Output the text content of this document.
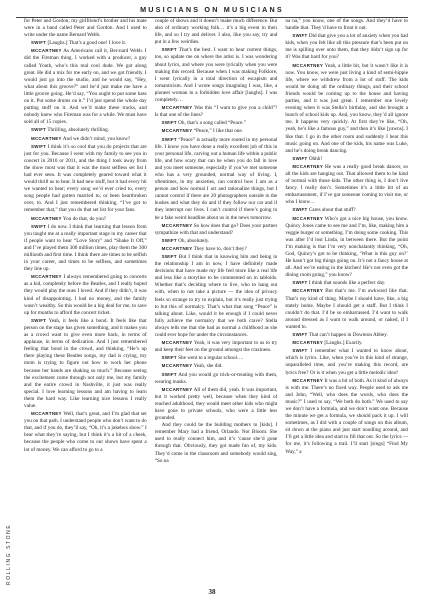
MUSICIANS ON MUSICIANS

for Peter and Gordon; my girlfriend’s brother and his mate were in a band called Peter and Gordon. And I used to write under the name Bernard Webb.

SWIFT [Laughs.] That’s a good one! I love it.

MCCARTNEY As Americans call it, Ber-nard Webb. I did the Fireman thing. I worked with a producer, a guy called Youth, who’s this real cool dude. We got along great. He did a mix for me early on, and we got friendly. I would just go into the studio, and he would say, “Hey, what about this groove?” and he’d just make me have a little groove going. He’d say, “You ought to put some bass on it. Put some drums on it.” I’d just spend the whole day putting stuff on it. And we’d make these tracks, and nobody knew who Fireman was for a while. We must have sold all of 15 copies.

SWIFT Thrilling, absolutely thrilling.

MCCARTNEY And we didn’t mind, you know?

SWIFT I think it’s so cool that you do projects that are just for you. Because I went with my family to see you in concert in 2010 or 2011, and the thing I took away from the show most was that it was the most selfless set list I had ever seen. It was completely geared toward what it would thrill us to hear. It had new stuff, but it had every hit we wanted to hear; every song we’d ever cried to, every song people had gotten married to, or been heartbroken over, to. And I just remembered thinking, “I’ve got to remember that,” that you do that set list for your fans.

MCCARTNEY You do that, do you?

SWIFT I do now. I think that learning that lesson from you taught me at a really important stage in my career that if people want to hear “Love Story” and “Shake It Off,” and I’ve played them 300 million times, play them the 300 millionth and first time. I think there are times to be selfish in your career, and times to be selfless, and sometimes they line up.

MCCARTNEY I always remembered going to concerts as a kid, completely before the Beatles, and I really hoped they would play the ones I loved. And if they didn’t, it was kind of disappointing. I had no money, and the family wasn’t wealthy. So this would be a big deal for me, to save up for months to afford the concert ticket.

SWIFT Yeah, it feels like a bond. It feels like that person on the stage has given something, and it makes you as a crowd want to give even more back, in terms of applause, in terms of dedication. And I just remembered feeling that bond in the crowd, and thinking, “He’s up there playing these Beatles songs, my dad is crying, my mom is trying to figure out how to work her phone because her hands are shaking so much.” Because seeing the excitement come through not only me, but my family and the entire crowd in Nashville, it just was really special. I love learning lessons and am having to learn them the hard way. Like learning nice lessons I really value.

MCCARTNEY Well, that’s great, and I’m glad that set you on that path. I understand people who don’t want to do that, and if you do, they’ll say, “Oh, it’s a jukebox show.” I hear what they’re saying, but I think it’s a bit of a cheek, because the people who come to our shows have spent a lot of money. We can afford to go to a

couple of shows and it doesn’t make much difference. But also of ordinary working folk… it’s a big event in their life, and so I try and deliver. I also, like you say, try and put in a few weirdies.

SWIFT That’s the best. I want to hear current things, too, so update me on where the artist is. I was wondering about lyrics, and where you were lyrically when you were making this record. Because when I was making Folklore, I went lyrically in a total direction of escapism and romanticism. And I wrote songs imagining I was, like, a pioneer woman in a forbidden love affair [laughs]. I was completely…

MCCARTNEY Was this “I want to give you a child”? Is that one of the lines?

SWIFT Oh, that’s a song called “Peace.”

MCCARTNEY “Peace,” I like that one.

SWIFT “Peace” is actually more rooted in my personal life. I know you have done a really excellent job of this in your personal life, carving out a human life within a public life, and how scary that can be when you do fall in love and you meet someone, especially if you’ve met someone who has a very grounded, normal way of living. I, oftentimes, in my anxieties, can control how I am as a person and how normal I act and rationalize things, but I cannot control if there are 20 photographers outside in the bushes and what they do and if they follow our car and if they interrupt our lives. I can’t control if there’s going to be a fake weird headline about us in the news tomorrow.

MCCARTNEY So how does that go? Does your partner sympathize with that and understand?

SWIFT Oh, absolutely.

MCCARTNEY They have to, don’t they?

SWIFT But I think that in knowing him and being in the relationship I am in now, I have definitely made decisions that have made my life feel more like a real life and less like a storyline to be commented on in tabloids. Whether that’s deciding where to live, who to hang out with, when to not take a picture — the idea of privacy feels so strange to try to explain, but it’s really just trying to but this of normalcy. That’s what that song “Peace” is talking about. Like, would it be enough if I could never fully achieve the normalcy that we both crave? Stella always tells me that she had as normal a childhood as she could ever hope for under the circumstances.

MCCARTNEY Yeah, it was very important to us to try and keep their feet on the ground amongst the craziness.

SWIFT She went to a regular school….

MCCARTNEY Yeah, she did.

SWIFT And you would go trick-or-treating with them, wearing masks.

MCCARTNEY All of them did, yeah. It was important, but it worked pretty well, because when they kind of reached adulthood, they would meet other kids who might have gone to private schools, who were a little less grounded.

And they could be the building mothers to [kids]. I remember Mary had a friend, Orlando. Not Bloom. She used to really connect him, and it’s ‘cause she’d gone through that. Obviously, they got made fun of, my kids. They’d come in the classroom and somebody would sing, “So na

na na,” you know, one of the songs. And they’d have to handle that. They’d have to front it out.

SWIFT Did that give you a lot of anxiety when you had kids, when you felt like all this pressure that’s been put on me is spilling over onto them, that they didn’t sign up for it? Was that hard for you?

MCCARTNEY Yeah, a little bit, but it wasn’t like it is now. You know, we were just living a kind of semi-hippie life, where we withdrew from a lot of stuff. The kids would be doing all the ordinary things, and their school friends would be coming up to the house and having parties, and it was just great. I remember one lovely evening when it was Stella’s birthday, and she brought a bunch of school kids up. And, you know, they’d all ignore me. It happens very quickly. At first they’re like, “Oh, yeah, he’s like a famous guy,” and then it’s like [yawns]. I like that. I go in the other room and suddenly I hear this music going on. And one of the kids, his name was Luke, and he’s doing break dancing.

SWIFT Ohhh!

MCCARTNEY He was a really good break dancer, so all the kids are hanging out. That allowed them to be kind of normal with those kids. The other thing is, I don’t live fancy. I really don’t. Sometimes it’s a little bit of an embarrassment, if I’ve got someone coming to visit me, or who I know…

SWIFT Cares about that stuff?

MCCARTNEY Who’s got a nice big house, you know. Quincy Jones came to see me and I’m, like, making him a veggie burger or something. I’m doing some cooking. This was after I’d lost Linda, in between there. But the point I’m making is that I’m very nonchalantly thinking, “Oh, God, Quincy’s got to be thinking, ‘What is this guy on?’ He hasn’t got big things going on. It’s not a fancy house at all. And we’re eating in the kitchen! He’s not even got the dining room going,” you know?

SWIFT I think that sounds like a perfect day.

MCCARTNEY But that’s me. I’m awkward like that. That’s my kind of thing. Maybe I should have, like, a big stately home. Maybe I should get a staff. But I think I couldn’t do that. I’d be so embarrassed. I’d want to walk around dressed as I want to walk around, or naked, if I wanted to.

SWIFT That can’t happen in Downton Abbey.

MCCARTNEY [Laughs.] Exactly.

SWIFT I remember what I wanted to know about, which is lyrics. Like, when you’re in this kind of strange, unparalleled time, and you’re making this record, are lyrics free? Or is it when you get a little melodic idea?

MCCARTNEY It was a bit of both. As it kind of always is with me. There’s no fixed way. People used to ask me and John, “Well, who does the words, who does the music?” I used to say, “We both do both.” We used to say we don’t have a formula, and we don’t want one. Because the minute we get a formula, we should pack it up. I will sometimes, as I did with a couple of songs on this album, sit down at the piano and just start noodling around, and I’ll get a little idea and start to fill that out. So the lyrics — for me, it’s following a trail. I’ll start [sings] “Find My Way,” a

ROLLING STONE
38
